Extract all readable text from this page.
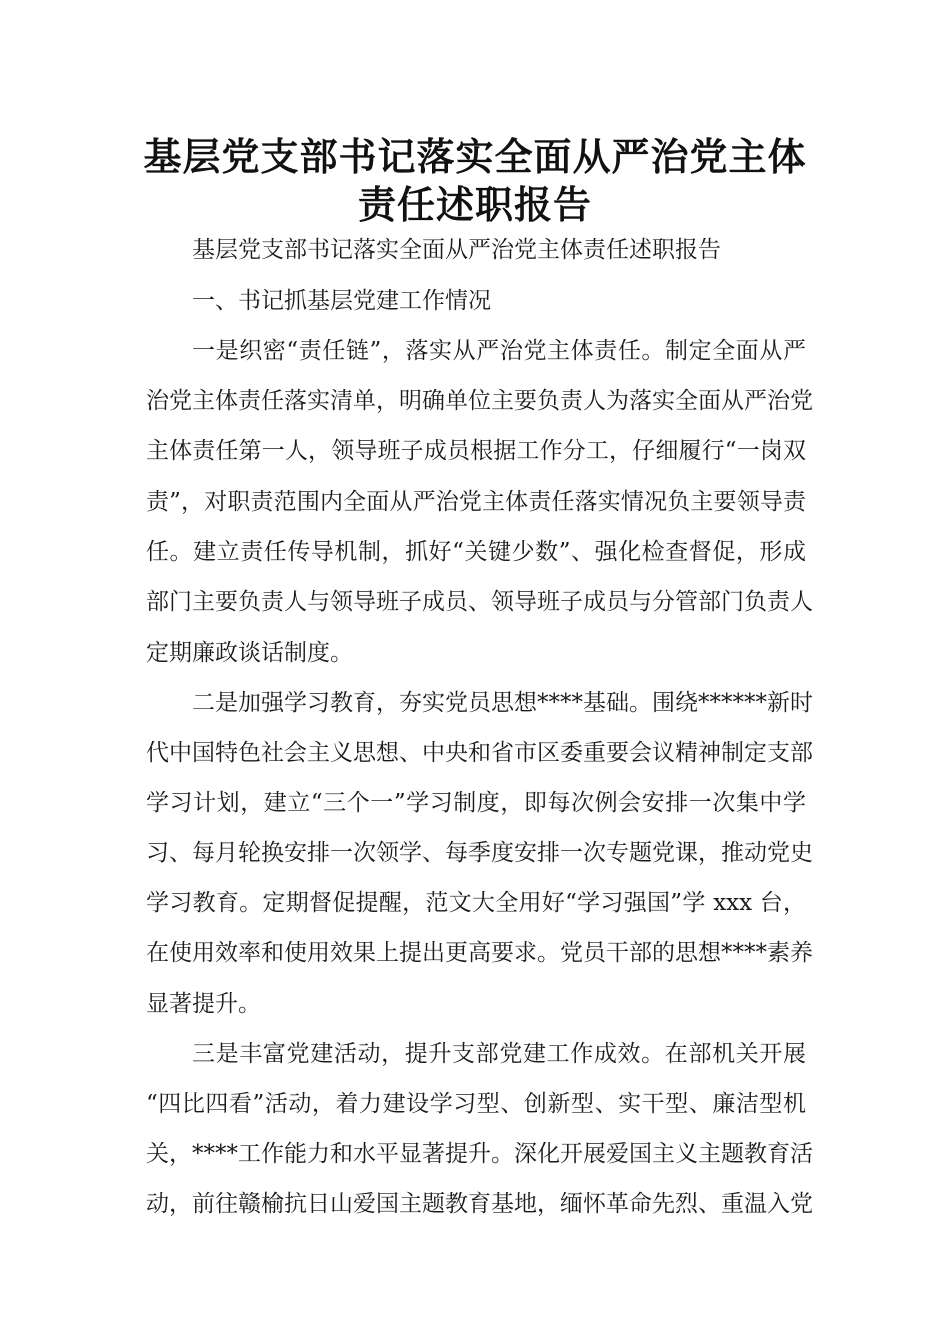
基层党支部书记落实全面从严治党主体
责任述职报告
基层党支部书记落实全面从严治党主体责任述职报告
一、书记抓基层党建工作情况
一是织密“责任链”，落实从严治党主体责任。制定全面从严
治党主体责任落实清单，明确单位主要负责人为落实全面从严治党
主体责任第一人，领导班子成员根据工作分工，仔细履行“一岗双
责”，对职责范围内全面从严治党主体责任落实情况负主要领导责
任。建立责任传导机制，抓好“关键少数”、强化检查督促，形成
部门主要负责人与领导班子成员、领导班子成员与分管部门负责人
定期廉政谈话制度。
二是加强学习教育，夯实党员思想****基础。围绕******新时
代中国特色社会主义思想、中央和省市区委重要会议精神制定支部
学习计划，建立“三个一”学习制度，即每次例会安排一次集中学
习、每月轮换安排一次领学、每季度安排一次专题党课，推动党史
学习教育。定期督促提醒，范文大全用好“学习强国”学 xxx 台，
在使用效率和使用效果上提出更高要求。党员干部的思想****素养
显著提升。
三是丰富党建活动，提升支部党建工作成效。在部机关开展
“四比四看”活动，着力建设学习型、创新型、实干型、廉洁型机
关，****工作能力和水平显著提升。深化开展爱国主义主题教育活
动，前往赣榆抗日山爱国主题教育基地，缅怀革命先烈、重温入党
